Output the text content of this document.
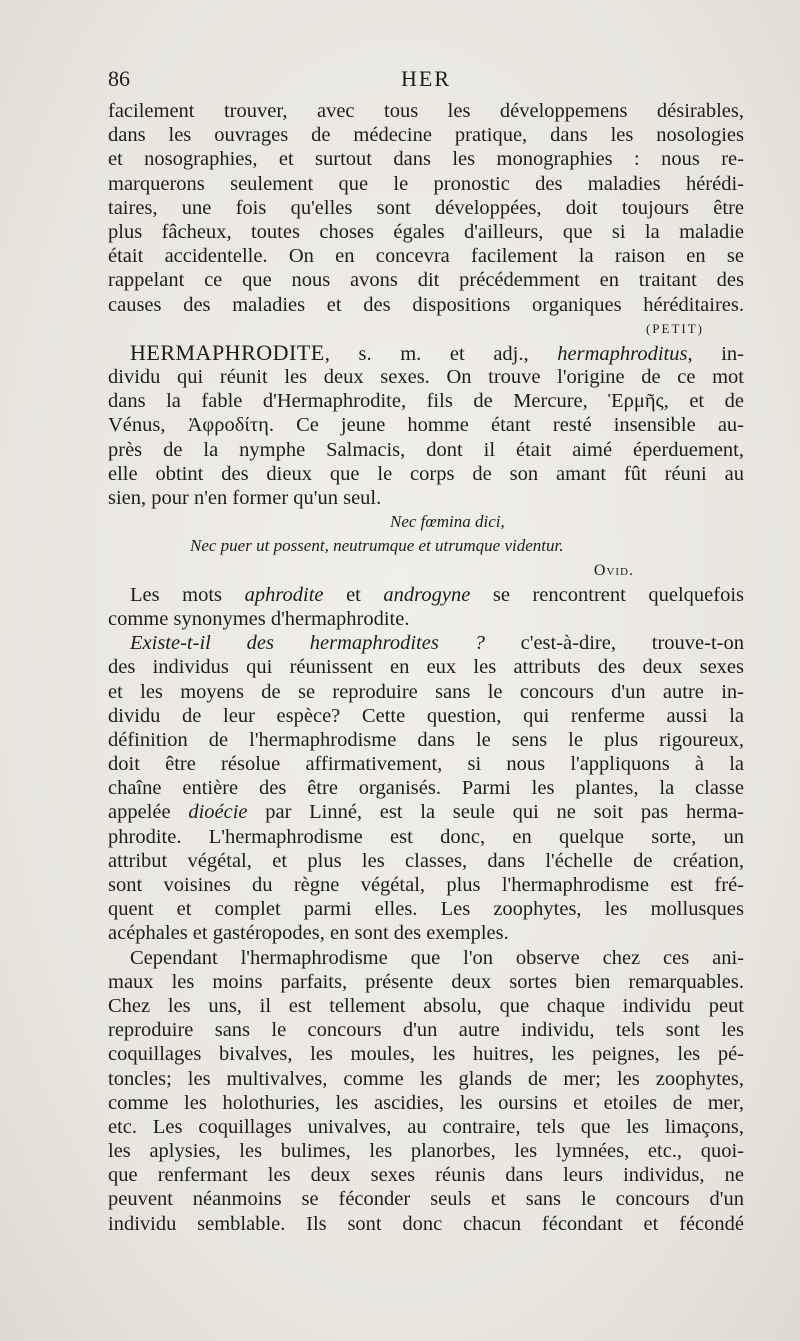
86	HER
facilement trouver, avec tous les développemens désirables,
dans les ouvrages de médecine pratique, dans les nosologies
et nosographies, et surtout dans les monographies : nous re-
marquerons seulement que le pronostic des maladies hérédi-
taires, une fois qu'elles sont développées, doit toujours être
plus fâcheux, toutes choses égales d'ailleurs, que si la maladie
était accidentelle. On en concevra facilement la raison en se
rappelant ce que nous avons dit précédemment en traitant des
causes des maladies et des dispositions organiques héréditaires.
(PETIT)
HERMAPHRODITE, s. m. et adj., hermaphroditus, in-
dividu qui réunit les deux sexes. On trouve l'origine de ce mot
dans la fable d'Hermaphrodite, fils de Mercure, Ἑρμῆς, et de
Vénus, Ἀφροδίτη. Ce jeune homme étant resté insensible au-
près de la nymphe Salmacis, dont il était aimé éperduement,
elle obtint des dieux que le corps de son amant fût réuni au
sien, pour n'en former qu'un seul.
Nec fœmina dici,
Nec puer ut possent, neutrumque et utrumque videntur.
Ovid.
Les mots aphrodite et androgyne se rencontrent quelquefois
comme synonymes d'hermaphrodite.
Existe-t-il des hermaphrodites ? c'est-à-dire, trouve-t-on
des individus qui réunissent en eux les attributs des deux sexes
et les moyens de se reproduire sans le concours d'un autre in-
dividu de leur espèce? Cette question, qui renferme aussi la
définition de l'hermaphrodisme dans le sens le plus rigoureux,
doit être résolue affirmativement, si nous l'appliquons à la
chaîne entière des être organisés. Parmi les plantes, la classe
appelée dioécie par Linné, est la seule qui ne soit pas herma-
phrodite. L'hermaphrodisme est donc, en quelque sorte, un
attribut végétal, et plus les classes, dans l'échelle de création,
sont voisines du règne végétal, plus l'hermaphrodisme est fré-
quent et complet parmi elles. Les zoophytes, les mollusques
acéphales et gastéropodes, en sont des exemples.
Cependant l'hermaphrodisme que l'on observe chez ces ani-
maux les moins parfaits, présente deux sortes bien remarquables.
Chez les uns, il est tellement absolu, que chaque individu peut
reproduire sans le concours d'un autre individu, tels sont les
coquillages bivalves, les moules, les huitres, les peignes, les pé-
toncles; les multivalves, comme les glands de mer; les zoophytes,
comme les holothuries, les ascidies, les oursins et etoiles de mer,
etc. Les coquillages univalves, au contraire, tels que les limaçons,
les aplysies, les bulimes, les planorbes, les lymnées, etc., quoi-
que renfermant les deux sexes réunis dans leurs individus, ne
peuvent néanmoins se féconder seuls et sans le concours d'un
individu semblable. Ils sont donc chacun fécondant et fécondé
